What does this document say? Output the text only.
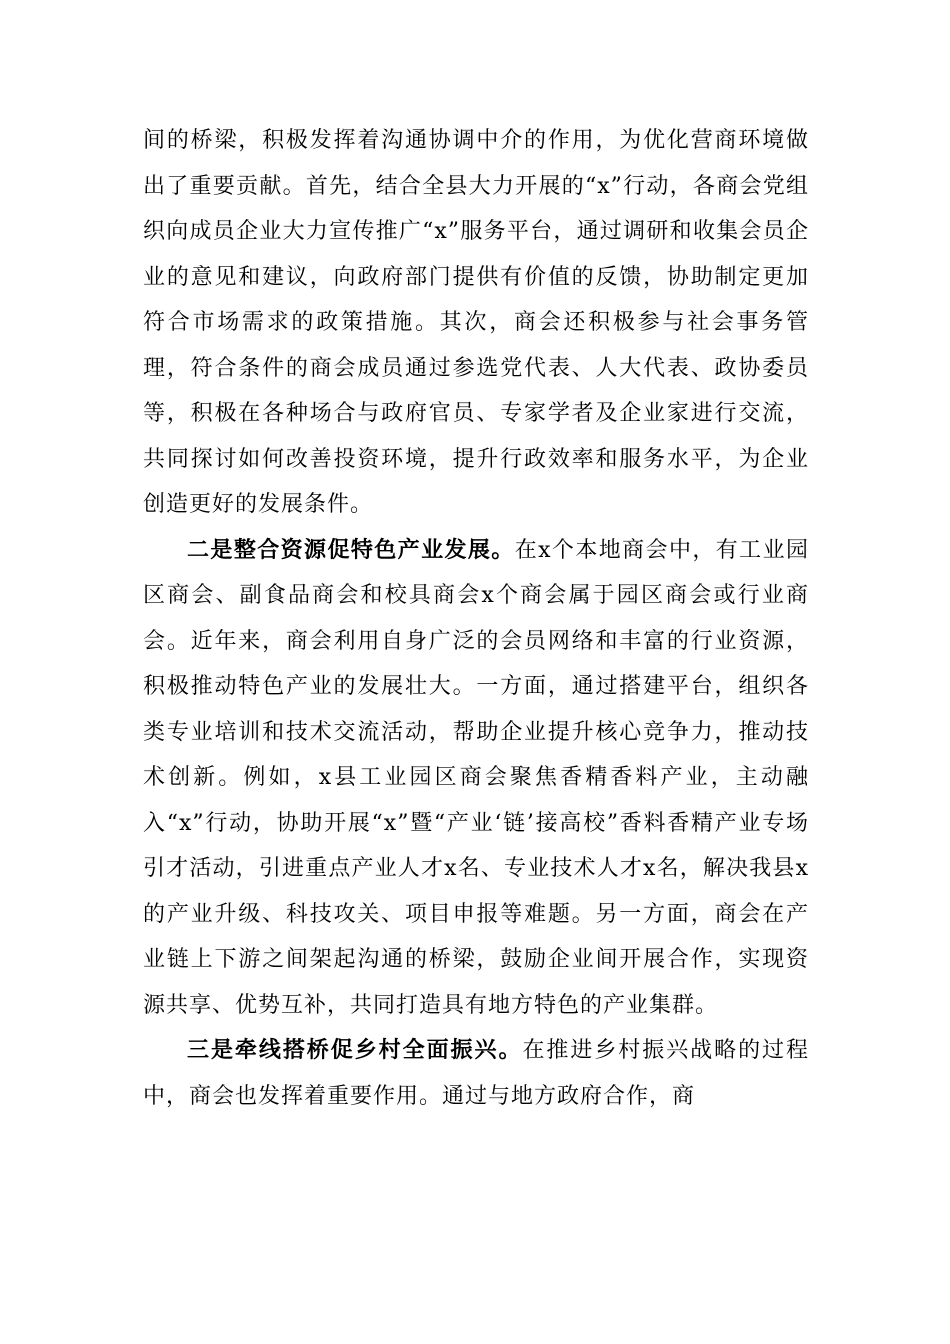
间的桥梁，积极发挥着沟通协调中介的作用，为优化营商环境做出了重要贡献。首先，结合全县大力开展的“x”行动，各商会党组织向成员企业大力宣传推广“x”服务平台，通过调研和收集会员企业的意见和建议，向政府部门提供有价值的反馈，协助制定更加符合市场需求的政策措施。其次，商会还积极参与社会事务管理，符合条件的商会成员通过参选党代表、人大代表、政协委员等，积极在各种场合与政府官员、专家学者及企业家进行交流，共同探讨如何改善投资环境，提升行政效率和服务水平，为企业创造更好的发展条件。

二是整合资源促特色产业发展。在x个本地商会中，有工业园区商会、副食品商会和校具商会x个商会属于园区商会或行业商会。近年来，商会利用自身广泛的会员网络和丰富的行业资源，积极推动特色产业的发展壮大。一方面，通过搭建平台，组织各类专业培训和技术交流活动，帮助企业提升核心竞争力，推动技术创新。例如，x县工业园区商会聚焦香精香料产业，主动融入“x”行动，协助开展“x”暨“产业‘链’接高校”香料香精产业专场引才活动，引进重点产业人才x名、专业技术人才x名，解决我县x的产业升级、科技攻关、项目申报等难题。另一方面，商会在产业链上下游之间架起沟通的桥梁，鼓励企业间开展合作，实现资源共享、优势互补，共同打造具有地方特色的产业集群。

三是牵线搭桥促乡村全面振兴。在推进乡村振兴战略的过程中，商会也发挥着重要作用。通过与地方政府合作，商
